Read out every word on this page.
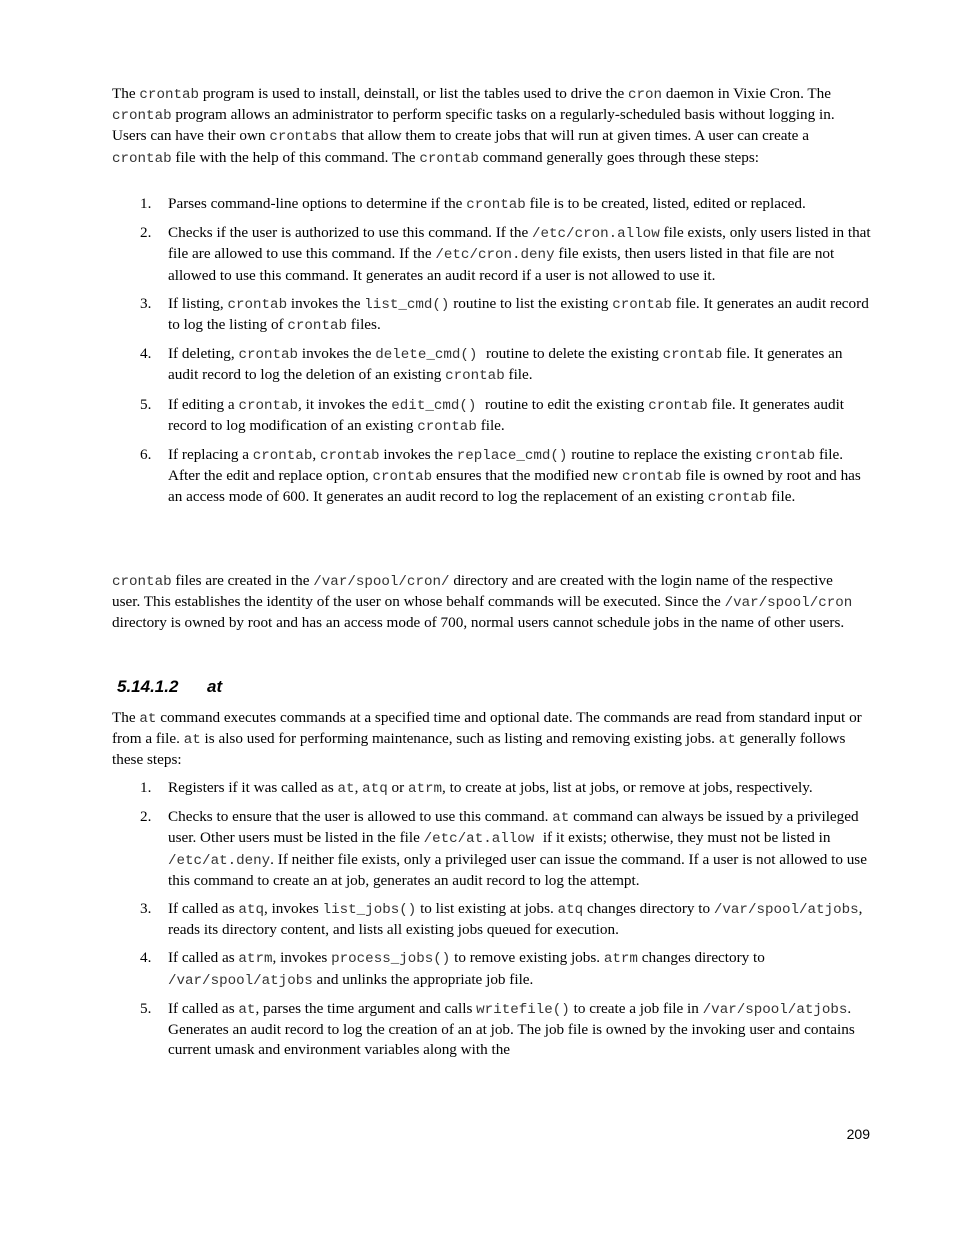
The crontab program is used to install, deinstall, or list the tables used to drive the cron daemon in Vixie Cron. The crontab program allows an administrator to perform specific tasks on a regularly-scheduled basis without logging in. Users can have their own crontabs that allow them to create jobs that will run at given times. A user can create a crontab file with the help of this command. The crontab command generally goes through these steps:

1. Parses command-line options to determine if the crontab file is to be created, listed, edited or replaced.
2. Checks if the user is authorized to use this command. If the /etc/cron.allow file exists, only users listed in that file are allowed to use this command. If the /etc/cron.deny file exists, then users listed in that file are not allowed to use this command. It generates an audit record if a user is not allowed to use it.
3. If listing, crontab invokes the list_cmd() routine to list the existing crontab file. It generates an audit record to log the listing of crontab files.
4. If deleting, crontab invokes the delete_cmd() routine to delete the existing crontab file. It generates an audit record to log the deletion of an existing crontab file.
5. If editing a crontab, it invokes the edit_cmd() routine to edit the existing crontab file. It generates audit record to log modification of an existing crontab file.
6. If replacing a crontab, crontab invokes the replace_cmd() routine to replace the existing crontab file. After the edit and replace option, crontab ensures that the modified new crontab file is owned by root and has an access mode of 600. It generates an audit record to log the replacement of an existing crontab file.

crontab files are created in the /var/spool/cron/ directory and are created with the login name of the respective user. This establishes the identity of the user on whose behalf commands will be executed. Since the /var/spool/cron directory is owned by root and has an access mode of 700, normal users cannot schedule jobs in the name of other users.

5.14.1.2 at

The at command executes commands at a specified time and optional date. The commands are read from standard input or from a file. at is also used for performing maintenance, such as listing and removing existing jobs. at generally follows these steps:

1. Registers if it was called as at, atq or atrm, to create at jobs, list at jobs, or remove at jobs, respectively.
2. Checks to ensure that the user is allowed to use this command. at command can always be issued by a privileged user. Other users must be listed in the file /etc/at.allow if it exists; otherwise, they must not be listed in /etc/at.deny. If neither file exists, only a privileged user can issue the command. If a user is not allowed to use this command to create an at job, generates an audit record to log the attempt.
3. If called as atq, invokes list_jobs() to list existing at jobs. atq changes directory to /var/spool/atjobs, reads its directory content, and lists all existing jobs queued for execution.
4. If called as atrm, invokes process_jobs() to remove existing jobs. atrm changes directory to /var/spool/atjobs and unlinks the appropriate job file.
5. If called as at, parses the time argument and calls writefile() to create a job file in /var/spool/atjobs. Generates an audit record to log the creation of an at job. The job file is owned by the invoking user and contains current umask and environment variables along with the
209
